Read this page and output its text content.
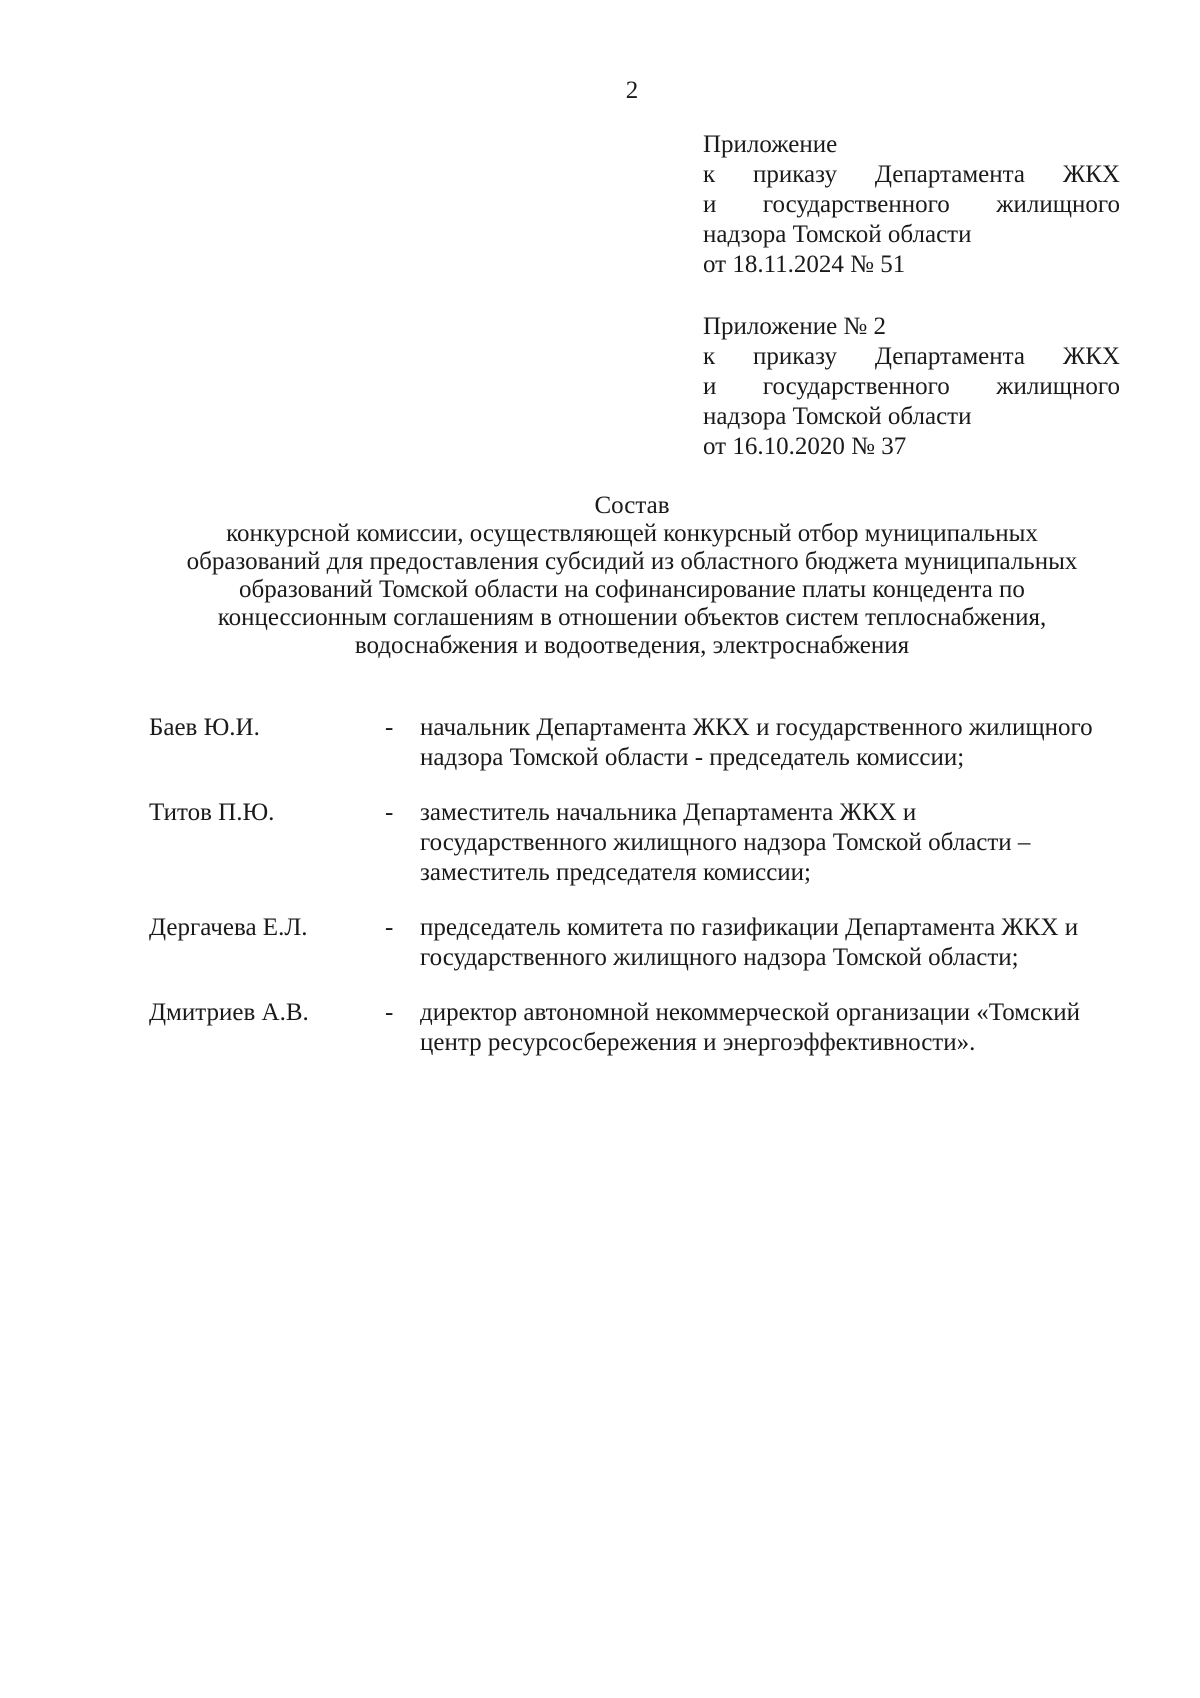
2
Приложение
к приказу Департамента ЖКХ
и государственного жилищного
надзора Томской области
от 18.11.2024 № 51
Приложение № 2
к приказу Департамента ЖКХ
и государственного жилищного
надзора Томской области
от 16.10.2020 № 37
Состав
конкурсной комиссии, осуществляющей конкурсный отбор муниципальных
образований для предоставления субсидий из областного бюджета муниципальных
образований Томской области на софинансирование платы концедента по
концессионным соглашениям в отношении объектов систем теплоснабжения,
водоснабжения и водоотведения, электроснабжения
Баев Ю.И.	-	начальник Департамента ЖКХ и государственного жилищного
надзора Томской области - председатель комиссии;
Титов П.Ю.	-	заместитель начальника Департамента ЖКХ и
государственного жилищного надзора Томской области –
заместитель председателя комиссии;
Дергачева Е.Л.	-	председатель комитета по газификации Департамента ЖКХ и
государственного жилищного надзора Томской области;
Дмитриев А.В.	-	директор автономной некоммерческой организации «Томский
центр ресурсосбережения и энергоэффективности».
